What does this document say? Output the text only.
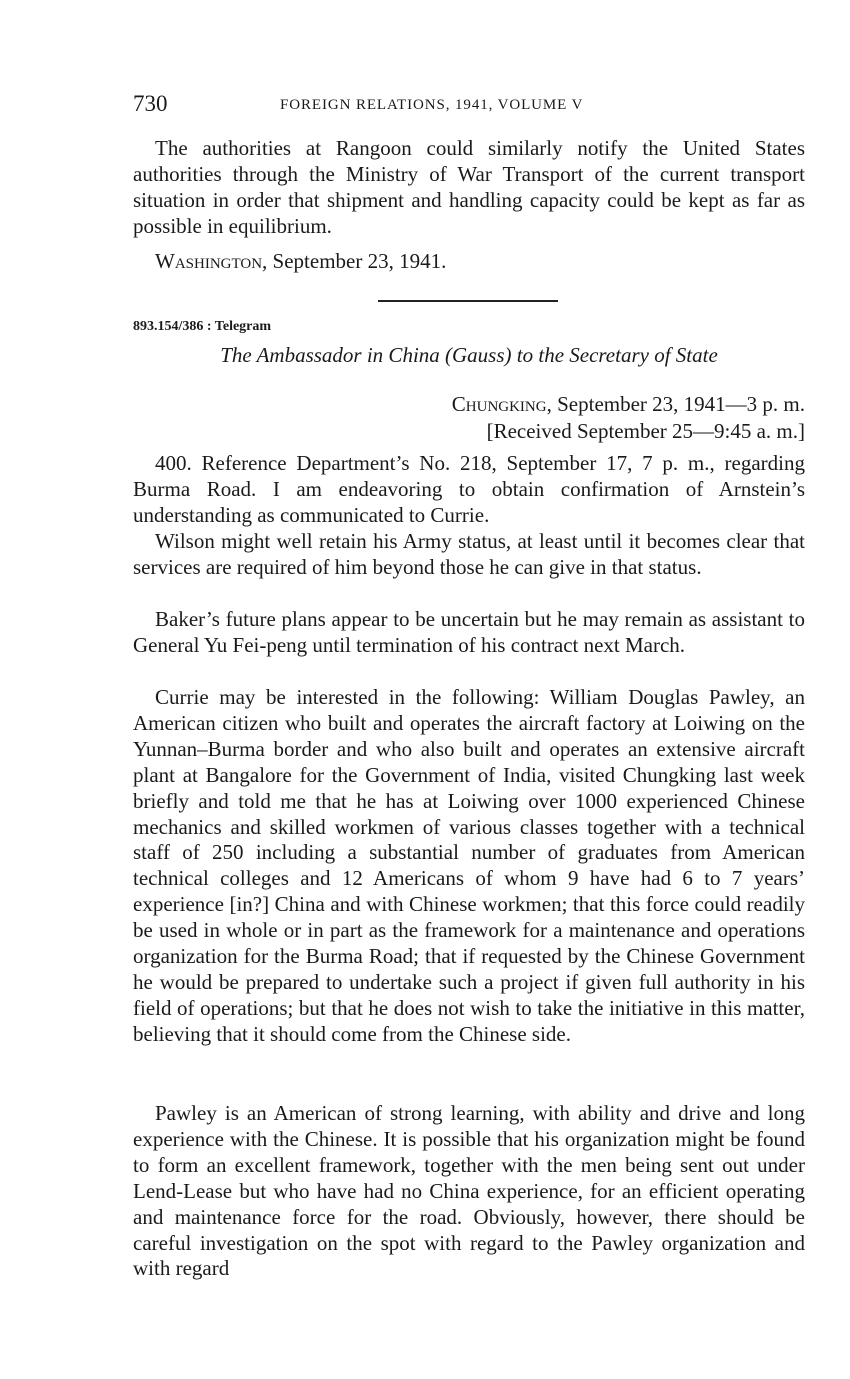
730	FOREIGN RELATIONS, 1941, VOLUME V

The authorities at Rangoon could similarly notify the United States authorities through the Ministry of War Transport of the current transport situation in order that shipment and handling capacity could be kept as far as possible in equilibrium.

Washington, September 23, 1941.
893.154/386 : Telegram
The Ambassador in China (Gauss) to the Secretary of State
Chungking, September 23, 1941—3 p. m.
[Received September 25—9:45 a. m.]

400. Reference Department’s No. 218, September 17, 7 p. m., regarding Burma Road. I am endeavoring to obtain confirmation of Arnstein’s understanding as communicated to Currie.

Wilson might well retain his Army status, at least until it becomes clear that services are required of him beyond those he can give in that status.

Baker’s future plans appear to be uncertain but he may remain as assistant to General Yu Fei-peng until termination of his contract next March.

Currie may be interested in the following: William Douglas Pawley, an American citizen who built and operates the aircraft factory at Loiwing on the Yunnan–Burma border and who also built and operates an extensive aircraft plant at Bangalore for the Government of India, visited Chungking last week briefly and told me that he has at Loiwing over 1000 experienced Chinese mechanics and skilled workmen of various classes together with a technical staff of 250 including a substantial number of graduates from American technical colleges and 12 Americans of whom 9 have had 6 to 7 years’ experience [in?] China and with Chinese workmen; that this force could readily be used in whole or in part as the framework for a maintenance and operations organization for the Burma Road; that if requested by the Chinese Government he would be prepared to undertake such a project if given full authority in his field of operations; but that he does not wish to take the initiative in this matter, believing that it should come from the Chinese side.

Pawley is an American of strong learning, with ability and drive and long experience with the Chinese. It is possible that his organization might be found to form an excellent framework, together with the men being sent out under Lend-Lease but who have had no China experience, for an efficient operating and maintenance force for the road. Obviously, however, there should be careful investigation on the spot with regard to the Pawley organization and with regard
